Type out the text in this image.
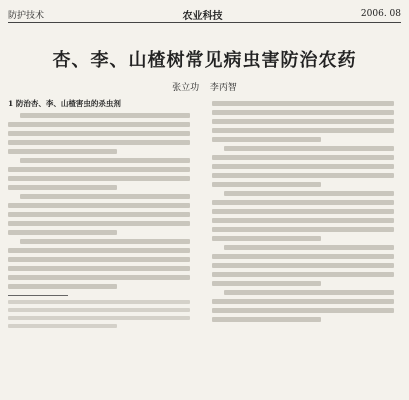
防护技术	农业科技	2006. 08
杏、李、山楂树常见病虫害防治农药
张立功 李丙智
1 防治杏、李、山楂害虫的杀虫剂
